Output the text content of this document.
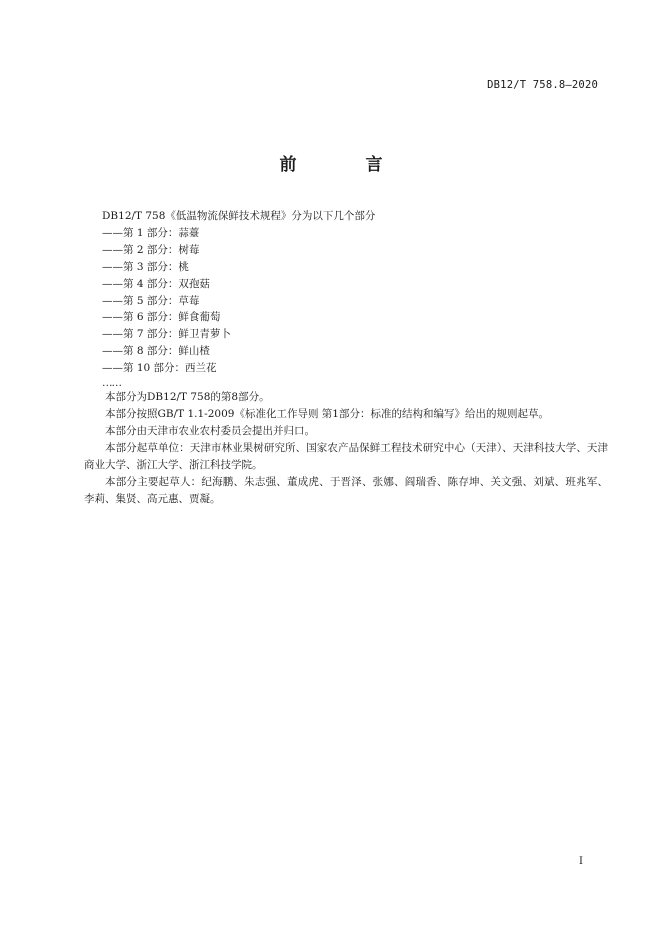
DB12/T 758.8—2020
前　言

DB12/T 758《低温物流保鲜技术规程》分为以下几个部分

——第 1 部分：蒜薹

——第 2 部分：树莓

——第 3 部分：桃

——第 4 部分：双孢菇

——第 5 部分：草莓

——第 6 部分：鲜食葡萄

——第 7 部分：鲜卫青萝卜

——第 8 部分：鲜山楂

——第 10 部分：西兰花

……

本部分为DB12/T 758的第8部分。

本部分按照GB/T 1.1-2009《标准化工作导则 第1部分：标准的结构和编写》给出的规则起草。

本部分由天津市农业农村委员会提出并归口。

本部分起草单位：天津市林业果树研究所、国家农产品保鲜工程技术研究中心（天津）、天津科技大学、天津商业大学、浙江大学、浙江科技学院。

本部分主要起草人：纪海鹏、朱志强、董成虎、于晋泽、张娜、阎瑞香、陈存坤、关文强、刘斌、班兆军、李莉、集贤、高元惠、贾凝。

I
